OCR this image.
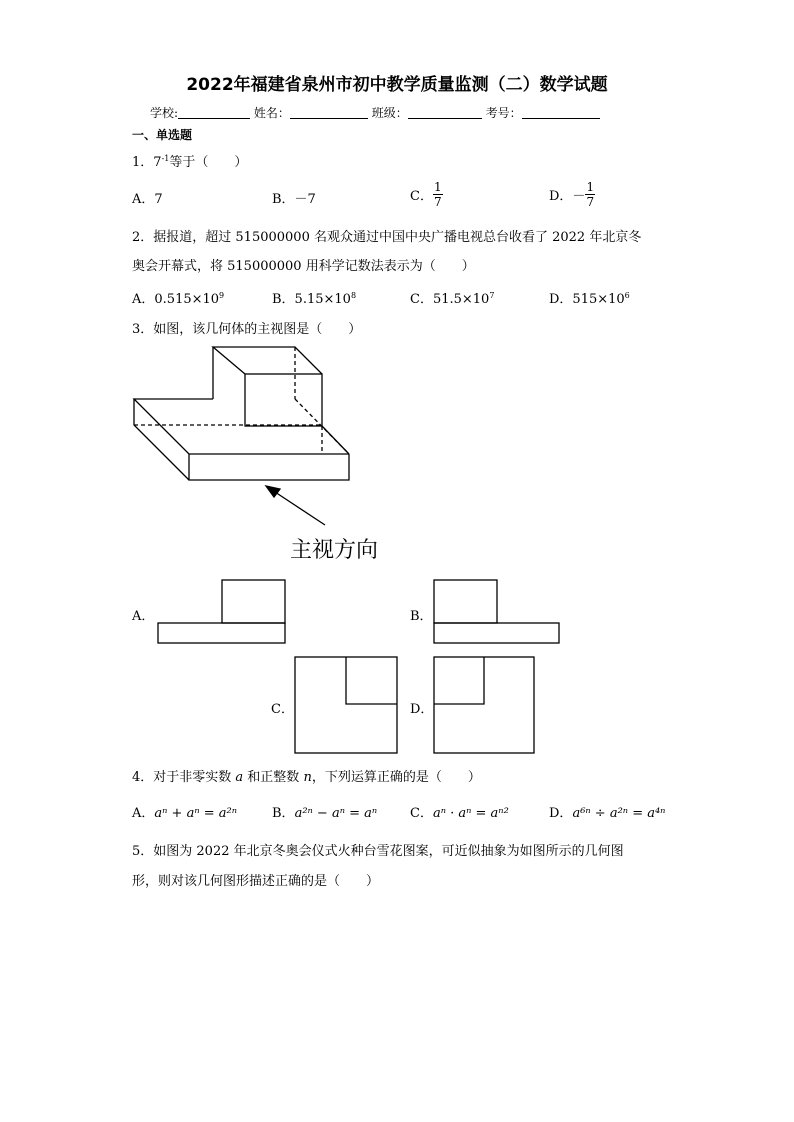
2022年福建省泉州市初中教学质量监测（二）数学试题
学校:	姓名：	班级：	考号：
一、单选题
1．$7^{-1}$等于（　　）
A．7	B．－7	C． $\frac{1}{7}$	D．－ $\frac{1}{7}$
2．据报道，超过 515000000 名观众通过中国中央广播电视总台收看了 2022 年北京冬
奥会开幕式，将 515000000 用科学记数法表示为（　　）
A．$0.515\times 10^9$	B．$5.15\times 10^8$	C．$51.5\times 10^7$	D．$515\times 10^6$
3．如图，该几何体的主视图是（　　）
主视方向
A．	B．
C．	D．
4．对于非零实数 a 和正整数 n，下列运算正确的是（　　）
A．aⁿ + aⁿ = a²ⁿ	B．a²ⁿ − aⁿ = aⁿ	C．aⁿ · aⁿ = aⁿ²	D．a⁶ⁿ ÷ a²ⁿ = a⁴ⁿ
5．如图为 2022 年北京冬奥会仪式火种台雪花图案，可近似抽象为如图所示的几何图
形，则对该几何图形描述正确的是（　　）
